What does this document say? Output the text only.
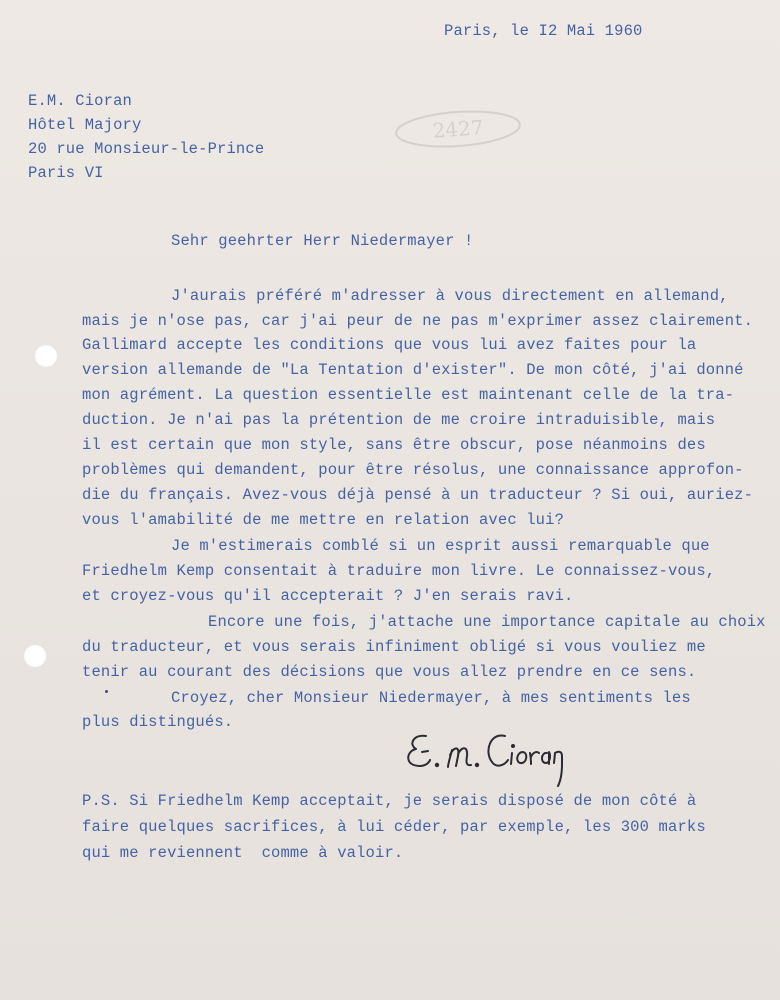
2427
Paris, le I2 Mai 1960
E.M. Cioran
Hôtel Majory
20 rue Monsieur-le-Prince
Paris VI
Sehr geehrter Herr Niedermayer !
J'aurais préféré m'adresser à vous directement en allemand,
mais je n'ose pas, car j'ai peur de ne pas m'exprimer assez clairement.
Gallimard accepte les conditions que vous lui avez faites pour la
version allemande de "La Tentation d'exister". De mon côté, j'ai donné
mon agrément. La question essentielle est maintenant celle de la tra-
duction. Je n'ai pas la prétention de me croire intraduisible, mais
il est certain que mon style, sans être obscur, pose néanmoins des
problèmes qui demandent, pour être résolus, une connaissance approfon-
die du français. Avez-vous déjà pensé à un traducteur ? Si oui, auriez-
vous l'amabilité de me mettre en relation avec lui?
Je m'estimerais comblé si un esprit aussi remarquable que
Friedhelm Kemp consentait à traduire mon livre. Le connaissez-vous,
et croyez-vous qu'il accepterait ? J'en serais ravi.
Encore une fois, j'attache une importance capitale au choix
du traducteur, et vous serais infiniment obligé si vous vouliez me
tenir au courant des décisions que vous allez prendre en ce sens.
Croyez, cher Monsieur Niedermayer, à mes sentiments les
plus distingués.
P.S. Si Friedhelm Kemp acceptait, je serais disposé de mon côté à
faire quelques sacrifices, à lui céder, par exemple, les 300 marks
qui me reviennent  comme à valoir.
